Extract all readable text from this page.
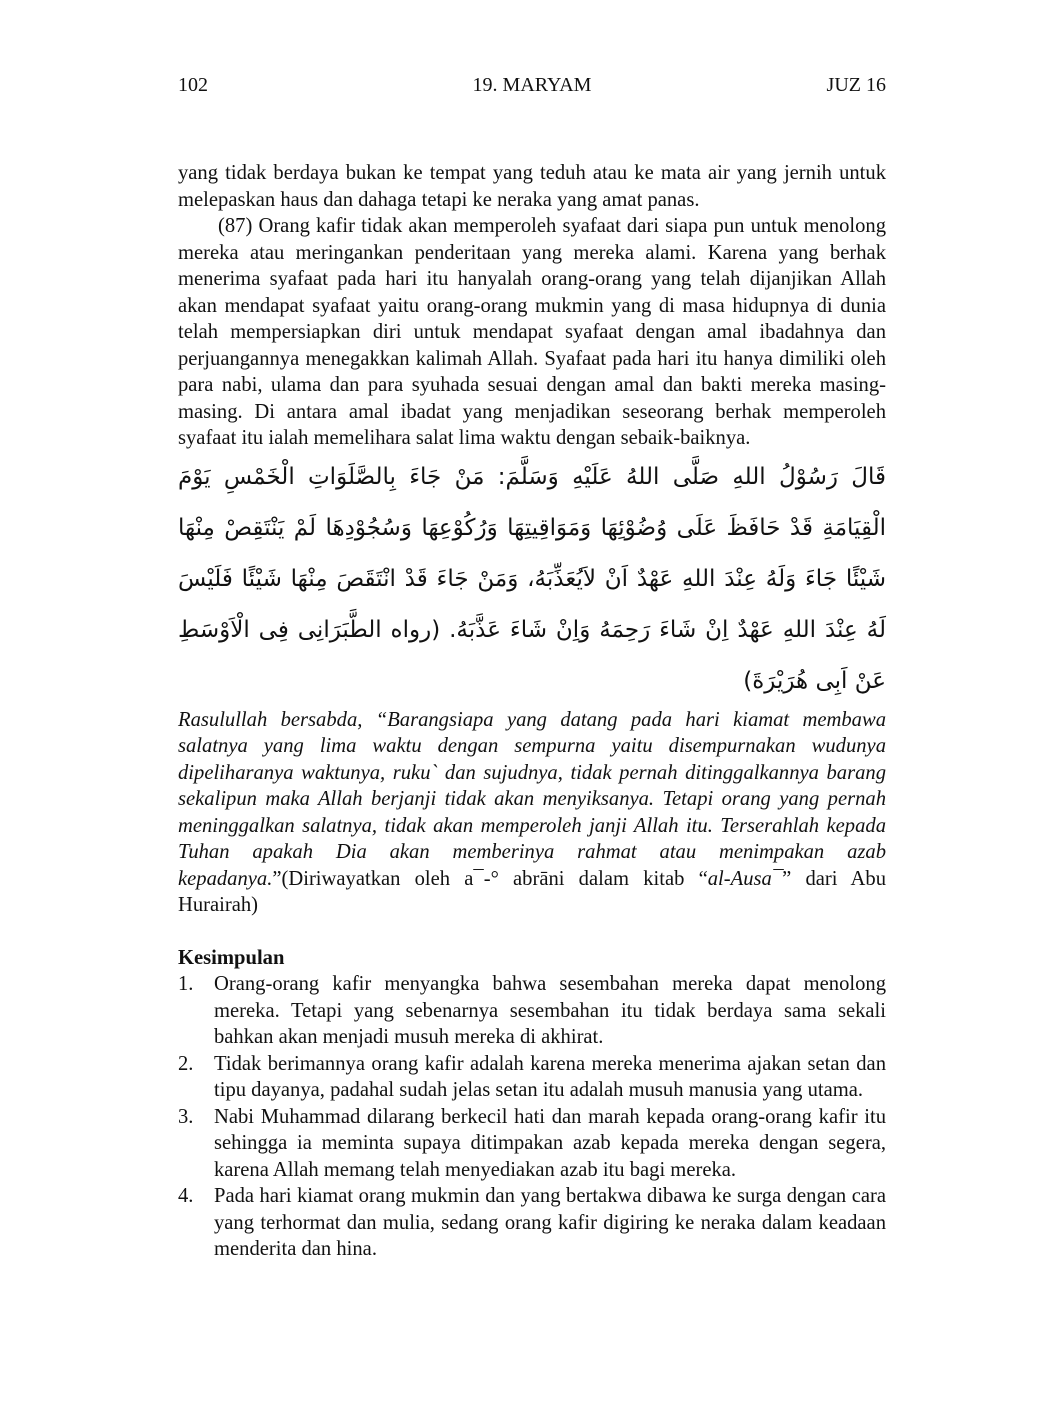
102	19. MARYAM	JUZ 16

yang tidak berdaya bukan ke tempat yang teduh atau ke mata air yang jernih untuk melepaskan haus dan dahaga tetapi ke neraka yang amat panas.

(87) Orang kafir tidak akan memperoleh syafaat dari siapa pun untuk menolong mereka atau meringankan penderitaan yang mereka alami. Karena yang berhak menerima syafaat pada hari itu hanyalah orang-orang yang telah dijanjikan Allah akan mendapat syafaat yaitu orang-orang mukmin yang di masa hidupnya di dunia telah mempersiapkan diri untuk mendapat syafaat dengan amal ibadahnya dan perjuangannya menegakkan kalimah Allah. Syafaat pada hari itu hanya dimiliki oleh para nabi, ulama dan para syuhada sesuai dengan amal dan bakti mereka masing-masing. Di antara amal ibadat yang menjadikan seseorang berhak memperoleh syafaat itu ialah memelihara salat lima waktu dengan sebaik-baiknya.

قَالَ رَسُوْلُ اللهِ صَلَّى اللهُ عَلَيْهِ وَسَلَّمَ: مَنْ جَاءَ بِالصَّلَوَاتِ الْخَمْسِ يَوْمَ الْقِيَامَةِ قَدْ حَافَظَ عَلَى وُضُوْئِهَا وَمَوَاقِيتِهَا وَرُكُوْعِهَا وَسُجُوْدِهَا لَمْ يَنْتَقِصْ مِنْهَا شَيْئًا جَاءَ وَلَهُ عِنْدَ اللهِ عَهْدٌ اَنْ لاَيُعَذِّبَهُ، وَمَنْ جَاءَ قَدْ انْتَقَصَ مِنْهَا شَيْئًا فَلَيْسَ لَهُ عِنْدَ اللهِ عَهْدٌ اِنْ شَاءَ رَحِمَهُ وَاِنْ شَاءَ عَذَّبَهُ. (رواه الطَّبَرَانِى فِى الْاَوْسَطِ عَنْ اَبِى هُرَيْرَةَ)

Rasulullah bersabda, “Barangsiapa yang datang pada hari kiamat membawa salatnya yang lima waktu dengan sempurna yaitu disempurnakan wudunya dipeliharanya waktunya, ruku` dan sujudnya, tidak pernah ditinggalkannya barang sekalipun maka Allah berjanji tidak akan menyiksanya. Tetapi orang yang pernah meninggalkan salatnya, tidak akan memperoleh janji Allah itu. Terserahlah kepada Tuhan apakah Dia akan memberinya rahmat atau menimpakan azab kepadanya.”(Diriwayatkan oleh a¯-° abrāni dalam kitab “al-Ausa¯” dari Abu Hurairah)

Kesimpulan

1. Orang-orang kafir menyangka bahwa sesembahan mereka dapat menolong mereka. Tetapi yang sebenarnya sesembahan itu tidak berdaya sama sekali bahkan akan menjadi musuh mereka di akhirat.
2. Tidak berimannya orang kafir adalah karena mereka menerima ajakan setan dan tipu dayanya, padahal sudah jelas setan itu adalah musuh manusia yang utama.
3. Nabi Muhammad dilarang berkecil hati dan marah kepada orang-orang kafir itu sehingga ia meminta supaya ditimpakan azab kepada mereka dengan segera, karena Allah memang telah menyediakan azab itu bagi mereka.
4. Pada hari kiamat orang mukmin dan yang bertakwa dibawa ke surga dengan cara yang terhormat dan mulia, sedang orang kafir digiring ke neraka dalam keadaan menderita dan hina.
